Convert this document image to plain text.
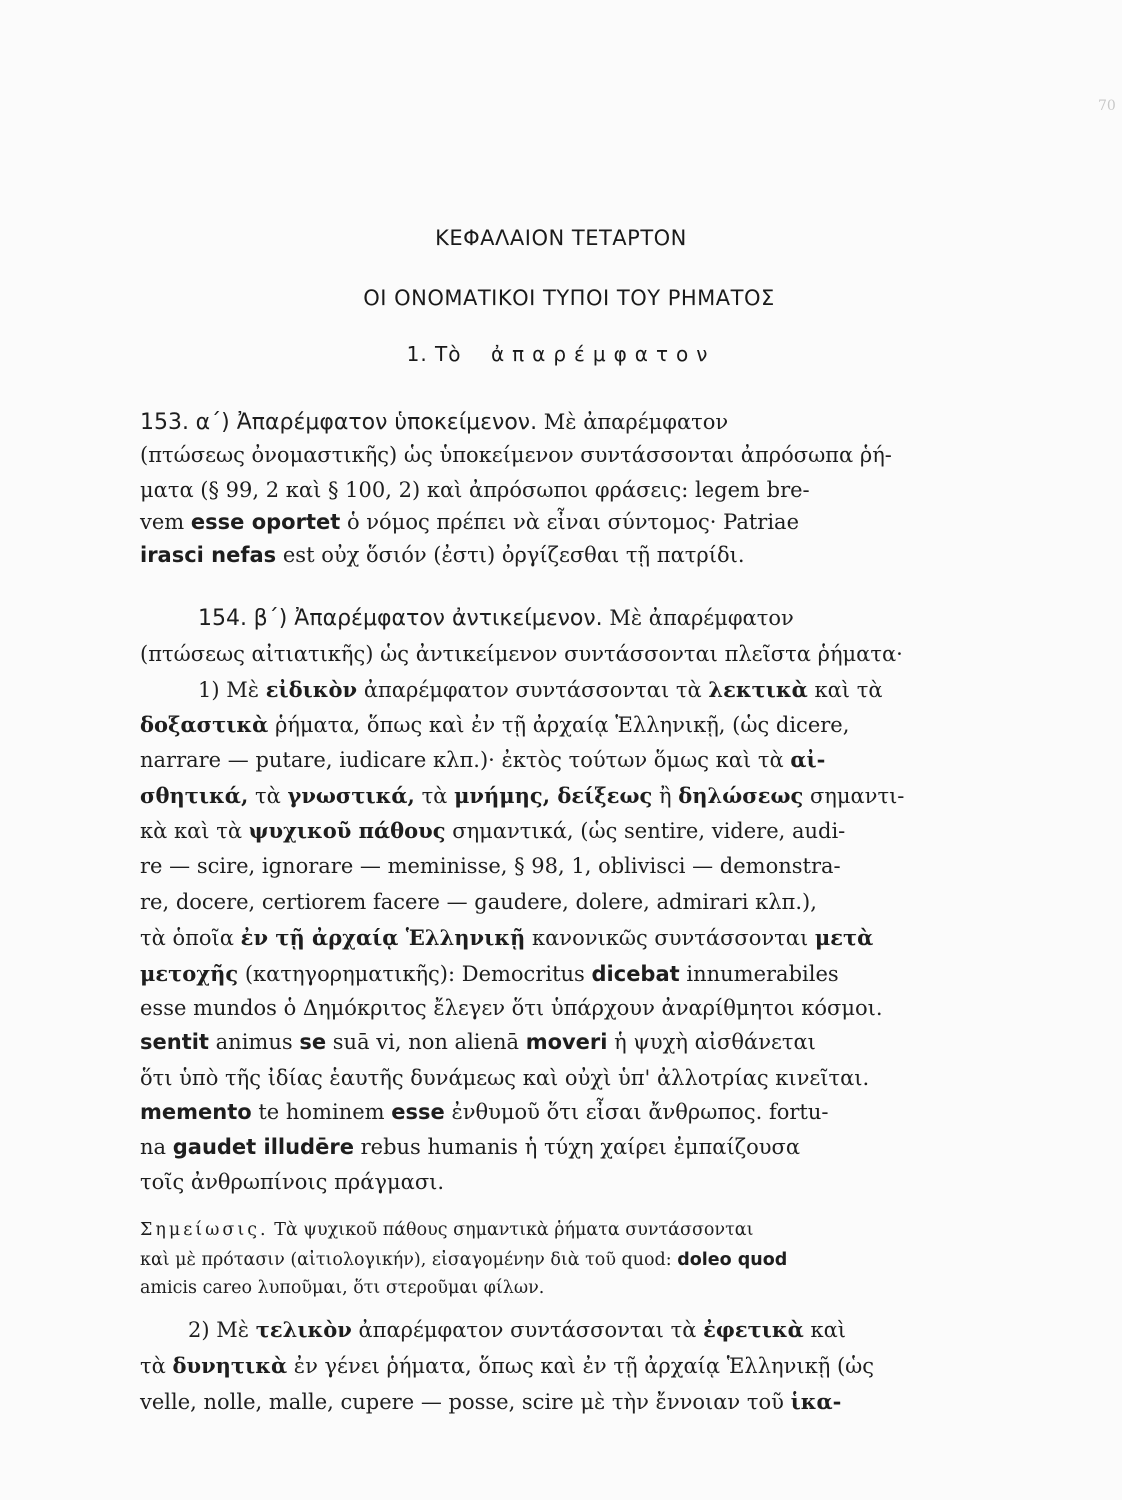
70
ΚΕΦΑΛΑΙΟΝ ΤΕΤΑΡΤΟΝ
ΟΙ ΟΝΟΜΑΤΙΚΟΙ ΤΥΠΟΙ ΤΟΥ ΡΗΜΑΤΟΣ
1. Τὸ ἀπαρέμφατον
153. α΄) Ἀπαρέμφατον ὑποκείμενον. Μὲ ἀπαρέμφατον
(πτώσεως ὀνομαστικῆς) ὡς ὑποκείμενον συντάσσονται ἀπρόσωπα ῥή-
ματα (§ 99, 2 καὶ § 100, 2) καὶ ἀπρόσωποι φράσεις: legem bre-
vem esse oportet ὁ νόμος πρέπει νὰ εἶναι σύντομος· Patriae
irasci nefas est οὐχ ὅσιόν (ἐστι) ὀργίζεσθαι τῇ πατρίδι.
154. β΄) Ἀπαρέμφατον ἀντικείμενον. Μὲ ἀπαρέμφατον
(πτώσεως αἰτιατικῆς) ὡς ἀντικείμενον συντάσσονται πλεῖστα ῥήματα·
1) Μὲ εἰδικὸν ἀπαρέμφατον συντάσσονται τὰ λεκτικὰ καὶ τὰ
δοξαστικὰ ῥήματα, ὅπως καὶ ἐν τῇ ἀρχαίᾳ Ἑλληνικῇ, (ὡς dicere,
narrare — putare, iudicare κλπ.)· ἐκτὸς τούτων ὅμως καὶ τὰ αἰ-
σθητικά, τὰ γνωστικά, τὰ μνήμης, δείξεως ἢ δηλώσεως σημαντι-
κὰ καὶ τὰ ψυχικοῦ πάθους σημαντικά, (ὡς sentire, videre, audi-
re — scire, ignorare — meminisse, § 98, 1, oblivisci — demonstra-
re, docere, certiorem facere — gaudere, dolere, admirari κλπ.),
τὰ ὁποῖα ἐν τῇ ἀρχαίᾳ Ἑλληνικῇ κανονικῶς συντάσσονται μετὰ
μετοχῆς (κατηγορηματικῆς): Democritus dicebat innumerabiles
esse mundos ὁ Δημόκριτος ἔλεγεν ὅτι ὑπάρχουν ἀναρίθμητοι κόσμοι.
sentit animus se suā vi, non alienā moveri ἡ ψυχὴ αἰσθάνεται
ὅτι ὑπὸ τῆς ἰδίας ἑαυτῆς δυνάμεως καὶ οὐχὶ ὑπ' ἀλλοτρίας κινεῖται.
memento te hominem esse ἐνθυμοῦ ὅτι εἶσαι ἄνθρωπος. fortu-
na gaudet illudēre rebus humanis ἡ τύχη χαίρει ἐμπαίζουσα
τοῖς ἀνθρωπίνοις πράγμασι.
Σημείωσις. Τὰ ψυχικοῦ πάθους σημαντικὰ ῥήματα συντάσσονται
καὶ μὲ πρότασιν (αἰτιολογικήν), εἰσαγομένην διὰ τοῦ quod: doleo quod
amicis careo λυποῦμαι, ὅτι στεροῦμαι φίλων.
2) Μὲ τελικὸν ἀπαρέμφατον συντάσσονται τὰ ἐφετικὰ καὶ
τὰ δυνητικὰ ἐν γένει ῥήματα, ὅπως καὶ ἐν τῇ ἀρχαίᾳ Ἑλληνικῇ (ὡς
velle, nolle, malle, cupere — posse, scire μὲ τὴν ἔννοιαν τοῦ ἱκα-
